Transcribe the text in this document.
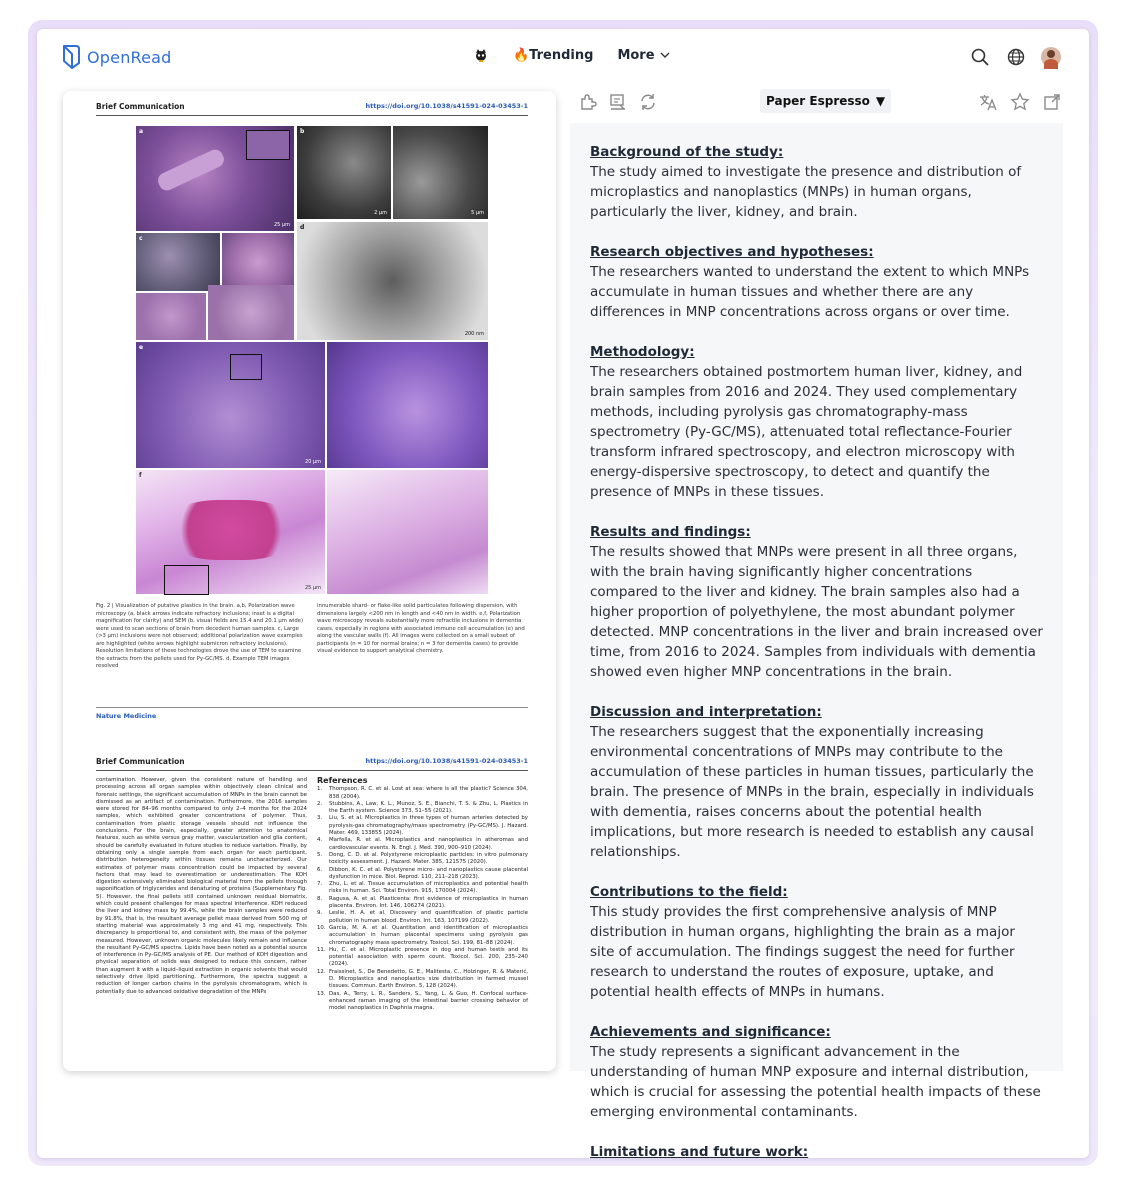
OpenRead	🔥Trending More
Brief Communication	https://doi.org/10.1038/s41591-024-03453-1
a
25 μm
b
2 μm	5 μm
c
d
200 nm
e
20 μm
f
25 μm
Fig. 2 | Visualization of putative plastics in the brain. a,b, Polarization wave microscopy (a, black arrows indicate refractory inclusions; inset is a digital magnification for clarity) and SEM (b, visual fields are 15.4 and 20.1 μm wide) were used to scan sections of brain from decedent human samples. c, Large (>3 μm) inclusions were not observed; additional polarization wave examples are highlighted (white arrows highlight submicron refractory inclusions). Resolution limitations of these technologies drove the use of TEM to examine the extracts from the pellets used for Py-GC/MS. d, Example TEM images resolved
innumerable shard- or flake-like solid particulates following dispersion, with dimensions largely <200 nm in length and <40 nm in width. e,f, Polarization wave microscopy reveals substantially more refractile inclusions in dementia cases, especially in regions with associated immune cell accumulation (e) and along the vascular walls (f). All images were collected on a small subset of participants (n = 10 for normal brains; n = 3 for dementia cases) to provide visual evidence to support analytical chemistry.
Nature Medicine
Brief Communication	https://doi.org/10.1038/s41591-024-03453-1
contamination. However, given the consistent nature of handling and processing across all organ samples within objectively clean clinical and forensic settings, the significant accumulation of MNPs in the brain cannot be dismissed as an artifact of contamination. Furthermore, the 2016 samples were stored for 84–96 months compared to only 2–4 months for the 2024 samples, which exhibited greater concentrations of polymer. Thus, contamination from plastic storage vessels should not influence the conclusions. For the brain, especially, greater attention to anatomical features, such as white versus gray matter, vascularization and glia content, should be carefully evaluated in future studies to reduce variation. Finally, by obtaining only a single sample from each organ for each participant, distribution heterogeneity within tissues remains uncharacterized. Our estimates of polymer mass concentration could be impacted by several factors that may lead to overestimation or underestimation. The KOH digestion extensively eliminated biological material from the pellets through saponification of triglycerides and denaturing of proteins (Supplementary Fig. 5). However, the final pellets still contained unknown residual biomatrix, which could present challenges for mass spectral interference. KOH reduced the liver and kidney mass by 99.4%, while the brain samples were reduced by 91.8%, that is, the resultant average pellet mass derived from 500 mg of starting material was approximately 3 mg and 41 mg, respectively. This discrepancy is proportional to, and consistent with, the mass of the polymer measured. However, unknown organic molecules likely remain and influence the resultant Py-GC/MS spectra. Lipids have been noted as a potential source of interference in Py-GC/MS analysis of PE. Our method of KOH digestion and physical separation of solids was designed to reduce this concern, rather than augment it with a liquid–liquid extraction in organic solvents that would selectively drive lipid partitioning. Furthermore, the spectra suggest a reduction of longer carbon chains in the pyrolysis chromatogram, which is potentially due to advanced oxidative degradation of the MNPs
References
1.	Thompson, R. C. et al. Lost at sea: where is all the plastic? Science 304, 838 (2004).
2.	Stubbins, A., Law, K. L., Munoz, S. E., Bianchi, T. S. & Zhu, L. Plastics in the Earth system. Science 373, 51–55 (2021).
3.	Liu, S. et al. Microplastics in three types of human arteries detected by pyrolysis-gas chromatography/mass spectrometry (Py-GC/MS). J. Hazard. Mater. 469, 133855 (2024).
4.	Marfella, R. et al. Microplastics and nanoplastics in atheromas and cardiovascular events. N. Engl. J. Med. 390, 900–910 (2024).
5.	Dong, C. D. et al. Polystyrene microplastic particles: in vitro pulmonary toxicity assessment. J. Hazard. Mater. 385, 121575 (2020).
6.	Dibbon, K. C. et al. Polystyrene micro- and nanoplastics cause placental dysfunction in mice. Biol. Reprod. 110, 211–218 (2023).
7.	Zhu, L. et al. Tissue accumulation of microplastics and potential health risks in human. Sci. Total Environ. 915, 170004 (2024).
8.	Ragusa, A. et al. Plasticenta: first evidence of microplastics in human placenta. Environ. Int. 146, 106274 (2021).
9.	Leslie, H. A. et al. Discovery and quantification of plastic particle pollution in human blood. Environ. Int. 163, 107199 (2022).
10. Garcia, M. A. et al. Quantitation and identification of microplastics accumulation in human placental specimens using pyrolysis gas chromatography mass spectrometry. Toxicol. Sci. 199, 81–88 (2024).
11. Hu, C. et al. Microplastic presence in dog and human testis and its potential association with sperm count. Toxicol. Sci. 200, 235–240 (2024).
12. Fraissinet, S., De Benedetto, G. E., Malitesta, C., Holzinger, R. & Materić, D. Microplastics and nanoplastics size distribution in farmed mussel tissues. Commun. Earth Environ. 5, 128 (2024).
13. Das, A., Terry, L. R., Sanders, S., Yang, L. & Guo, H. Confocal surface-enhanced raman imaging of the intestinal barrier crossing behavior of model nanoplastics in Daphnia magna.
Paper Espresso ▼
Background of the study:

The study aimed to investigate the presence and distribution of microplastics and nanoplastics (MNPs) in human organs, particularly the liver, kidney, and brain.

Research objectives and hypotheses:

The researchers wanted to understand the extent to which MNPs accumulate in human tissues and whether there are any differences in MNP concentrations across organs or over time.

Methodology:

The researchers obtained postmortem human liver, kidney, and brain samples from 2016 and 2024. They used complementary methods, including pyrolysis gas chromatography-mass spectrometry (Py-GC/MS), attenuated total reflectance-Fourier transform infrared spectroscopy, and electron microscopy with energy-dispersive spectroscopy, to detect and quantify the presence of MNPs in these tissues.

Results and findings:

The results showed that MNPs were present in all three organs, with the brain having significantly higher concentrations compared to the liver and kidney. The brain samples also had a higher proportion of polyethylene, the most abundant polymer detected. MNP concentrations in the liver and brain increased over time, from 2016 to 2024. Samples from individuals with dementia showed even higher MNP concentrations in the brain.

Discussion and interpretation:

The researchers suggest that the exponentially increasing environmental concentrations of MNPs may contribute to the accumulation of these particles in human tissues, particularly the brain. The presence of MNPs in the brain, especially in individuals with dementia, raises concerns about the potential health implications, but more research is needed to establish any causal relationships.

Contributions to the field:

This study provides the first comprehensive analysis of MNP distribution in human organs, highlighting the brain as a major site of accumulation. The findings suggest the need for further research to understand the routes of exposure, uptake, and potential health effects of MNPs in humans.

Achievements and significance:

The study represents a significant advancement in the understanding of human MNP exposure and internal distribution, which is crucial for assessing the potential health impacts of these emerging environmental contaminants.

Limitations and future work:
